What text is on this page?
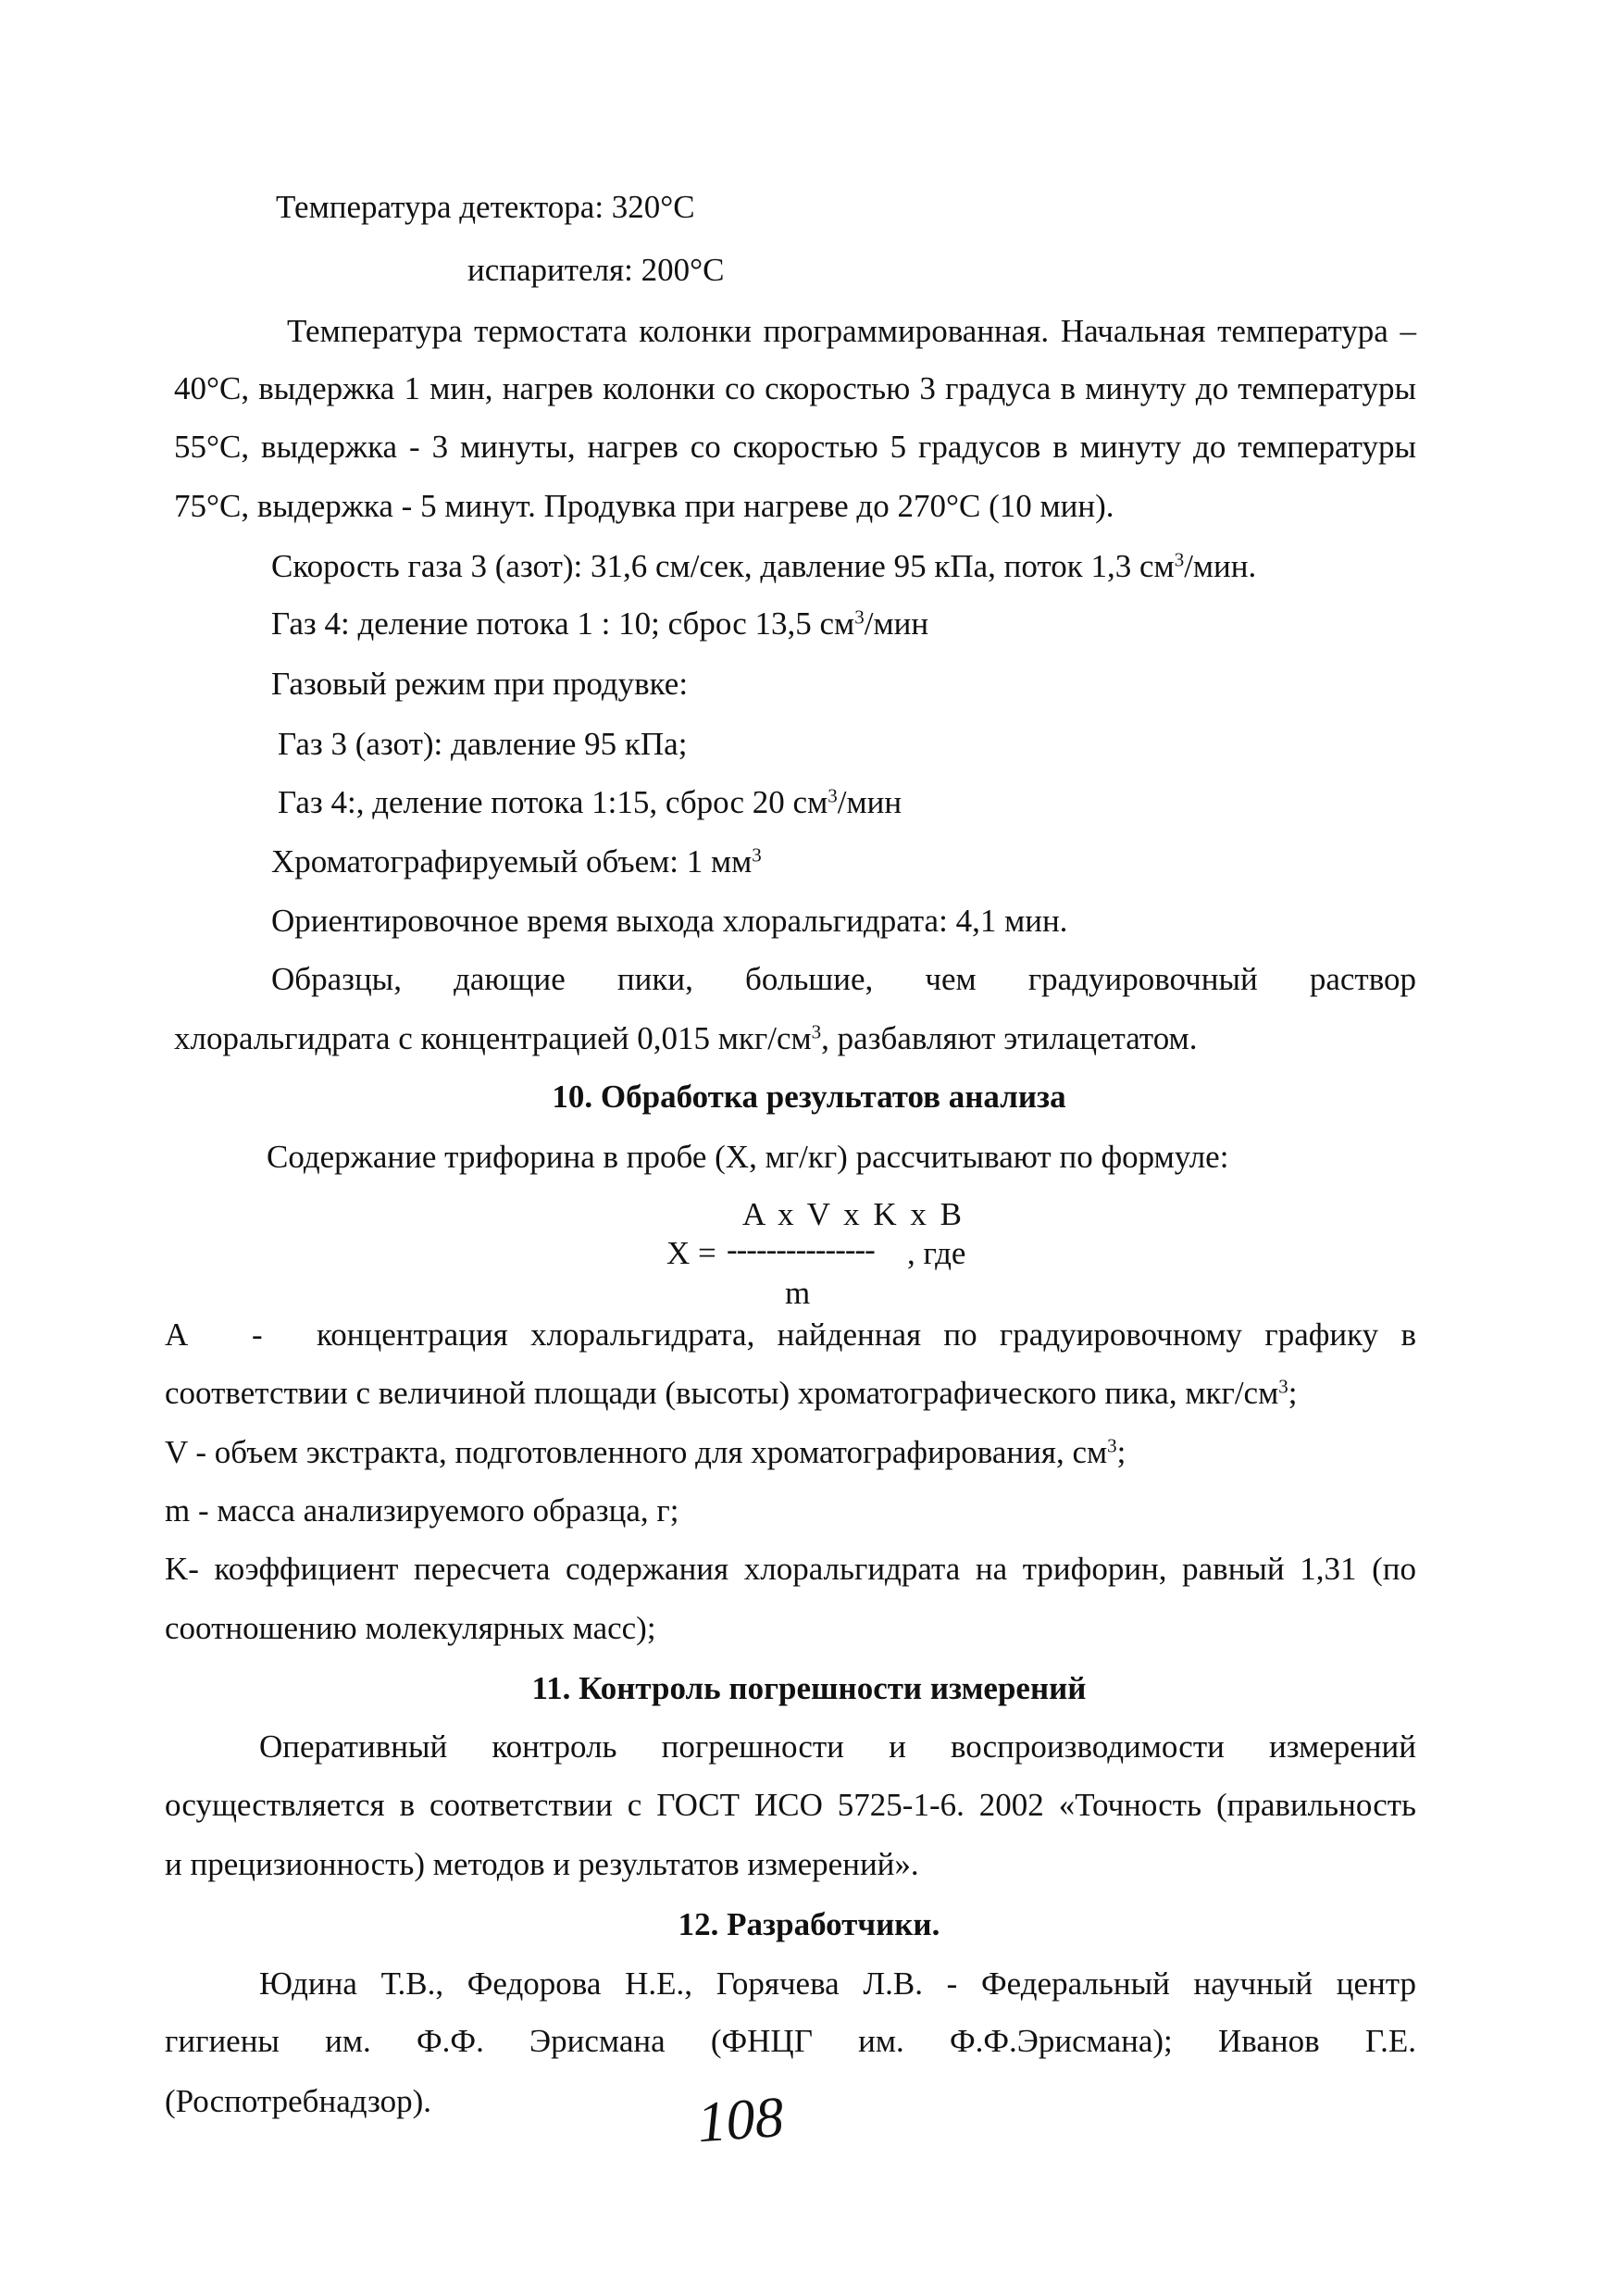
Температура детектора: 320°С
испарителя: 200°С
Температура термостата колонки программированная. Начальная температура –
40°С, выдержка 1 мин, нагрев колонки со скоростью 3 градуса в минуту до температуры
55°С, выдержка - 3 минуты, нагрев со скоростью 5 градусов в минуту до температуры
75°С, выдержка - 5 минут. Продувка при нагреве до 270°С (10 мин).
Скорость газа 3 (азот): 31,6 см/сек, давление 95 кПа, поток 1,3 $см^3$/мин.
Газ 4: деление потока 1 : 10; сброс 13,5 $см^3$/мин
Газовый режим при продувке:
Газ 3 (азот): давление 95 кПа;
Газ 4:, деление потока 1:15, сброс 20 $см^3$/мин
Хроматографируемый объем: 1 $мм^3$
Ориентировочное время выхода хлоральгидрата: 4,1 мин.
Образцы, дающие пики, большие, чем градуировочный раствор
хлоральгидрата с концентрацией 0,015 мкг/$см^3$, разбавляют этилацетатом.
10. Обработка результатов анализа
Содержание трифорина в пробе (X, мг/кг) рассчитывают по формуле:
A x V x K x B
X = --------------- , где
m
А - концентрация хлоральгидрата, найденная по градуировочному графику в
соответствии с величиной площади (высоты) хроматографического пика, мкг/$см^3$;
V - объем экстракта, подготовленного для хроматографирования, $см^3$;
m - масса анализируемого образца, г;
K- коэффициент пересчета содержания хлоральгидрата на трифорин, равный 1,31 (по
соотношению молекулярных масс);
11. Контроль погрешности измерений
Оперативный контроль погрешности и воспроизводимости измерений
осуществляется в соответствии с ГОСТ ИСО 5725-1-6. 2002 «Точность (правильность
и прецизионность) методов и результатов измерений».
12. Разработчики.
Юдина Т.В., Федорова Н.Е., Горячева Л.В. - Федеральный научный центр
гигиены им. Ф.Ф. Эрисмана (ФНЦГ им. Ф.Ф.Эрисмана); Иванов Г.Е.
(Роспотребнадзор).	108
